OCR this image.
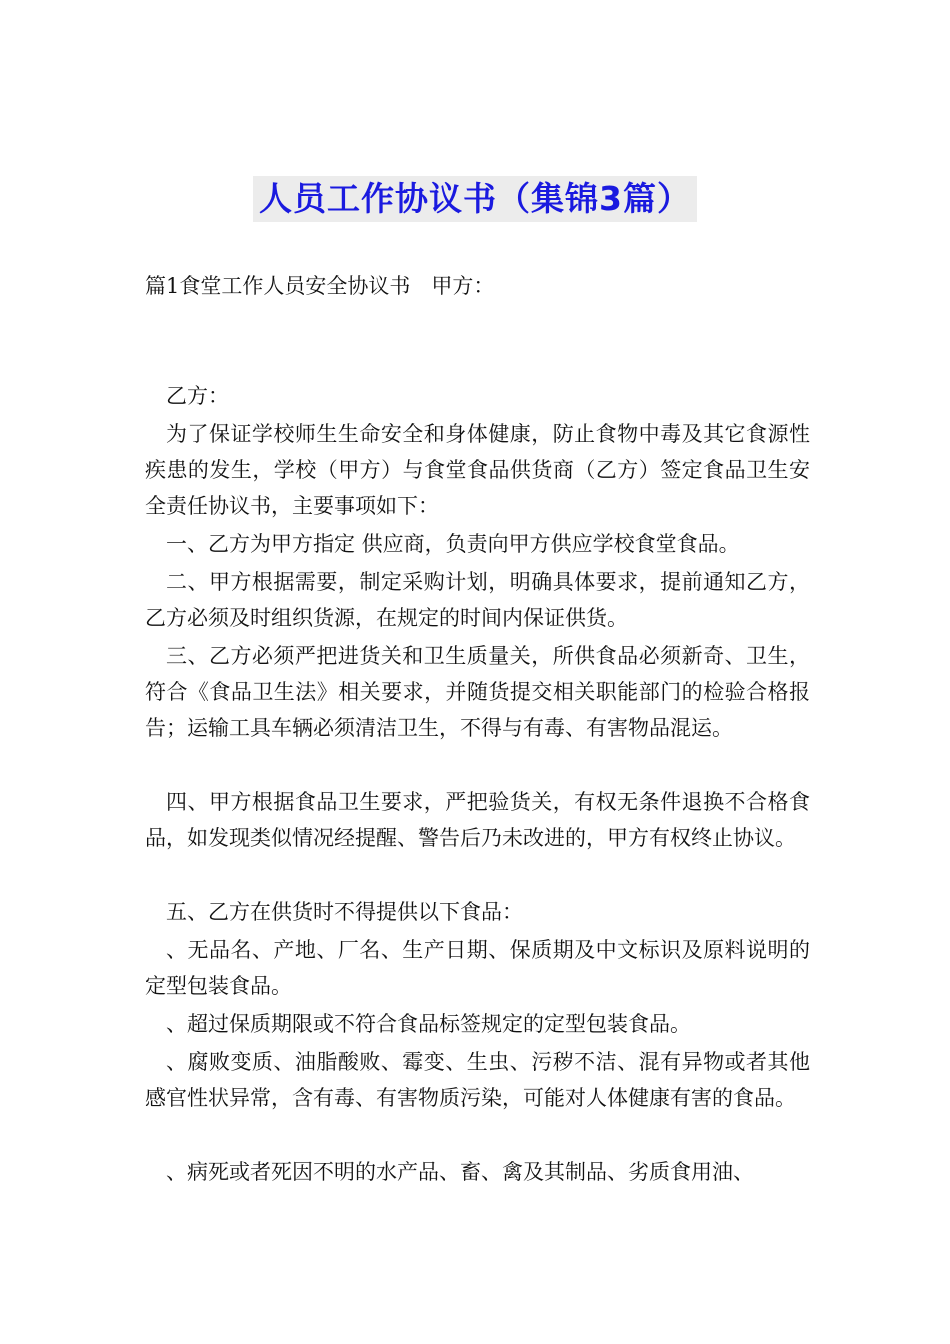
人员工作协议书（集锦3篇）
篇1食堂工作人员安全协议书　甲方：
乙方：
为了保证学校师生生命安全和身体健康，防止食物中毒及其它食源性疾患的发生，学校（甲方）与食堂食品供货商（乙方）签定食品卫生安全责任协议书，主要事项如下：
一、乙方为甲方指定 供应商，负责向甲方供应学校食堂食品。
二、甲方根据需要，制定采购计划，明确具体要求，提前通知乙方，乙方必须及时组织货源，在规定的时间内保证供货。
三、乙方必须严把进货关和卫生质量关，所供食品必须新奇、卫生，符合《食品卫生法》相关要求，并随货提交相关职能部门的检验合格报告；运输工具车辆必须清洁卫生，不得与有毒、有害物品混运。
四、甲方根据食品卫生要求，严把验货关，有权无条件退换不合格食品，如发现类似情况经提醒、警告后乃未改进的，甲方有权终止协议。
五、乙方在供货时不得提供以下食品：
、无品名、产地、厂名、生产日期、保质期及中文标识及原料说明的定型包装食品。
、超过保质期限或不符合食品标签规定的定型包装食品。
、腐败变质、油脂酸败、霉变、生虫、污秽不洁、混有异物或者其他感官性状异常，含有毒、有害物质污染，可能对人体健康有害的食品。
、病死或者死因不明的水产品、畜、禽及其制品、劣质食用油、
